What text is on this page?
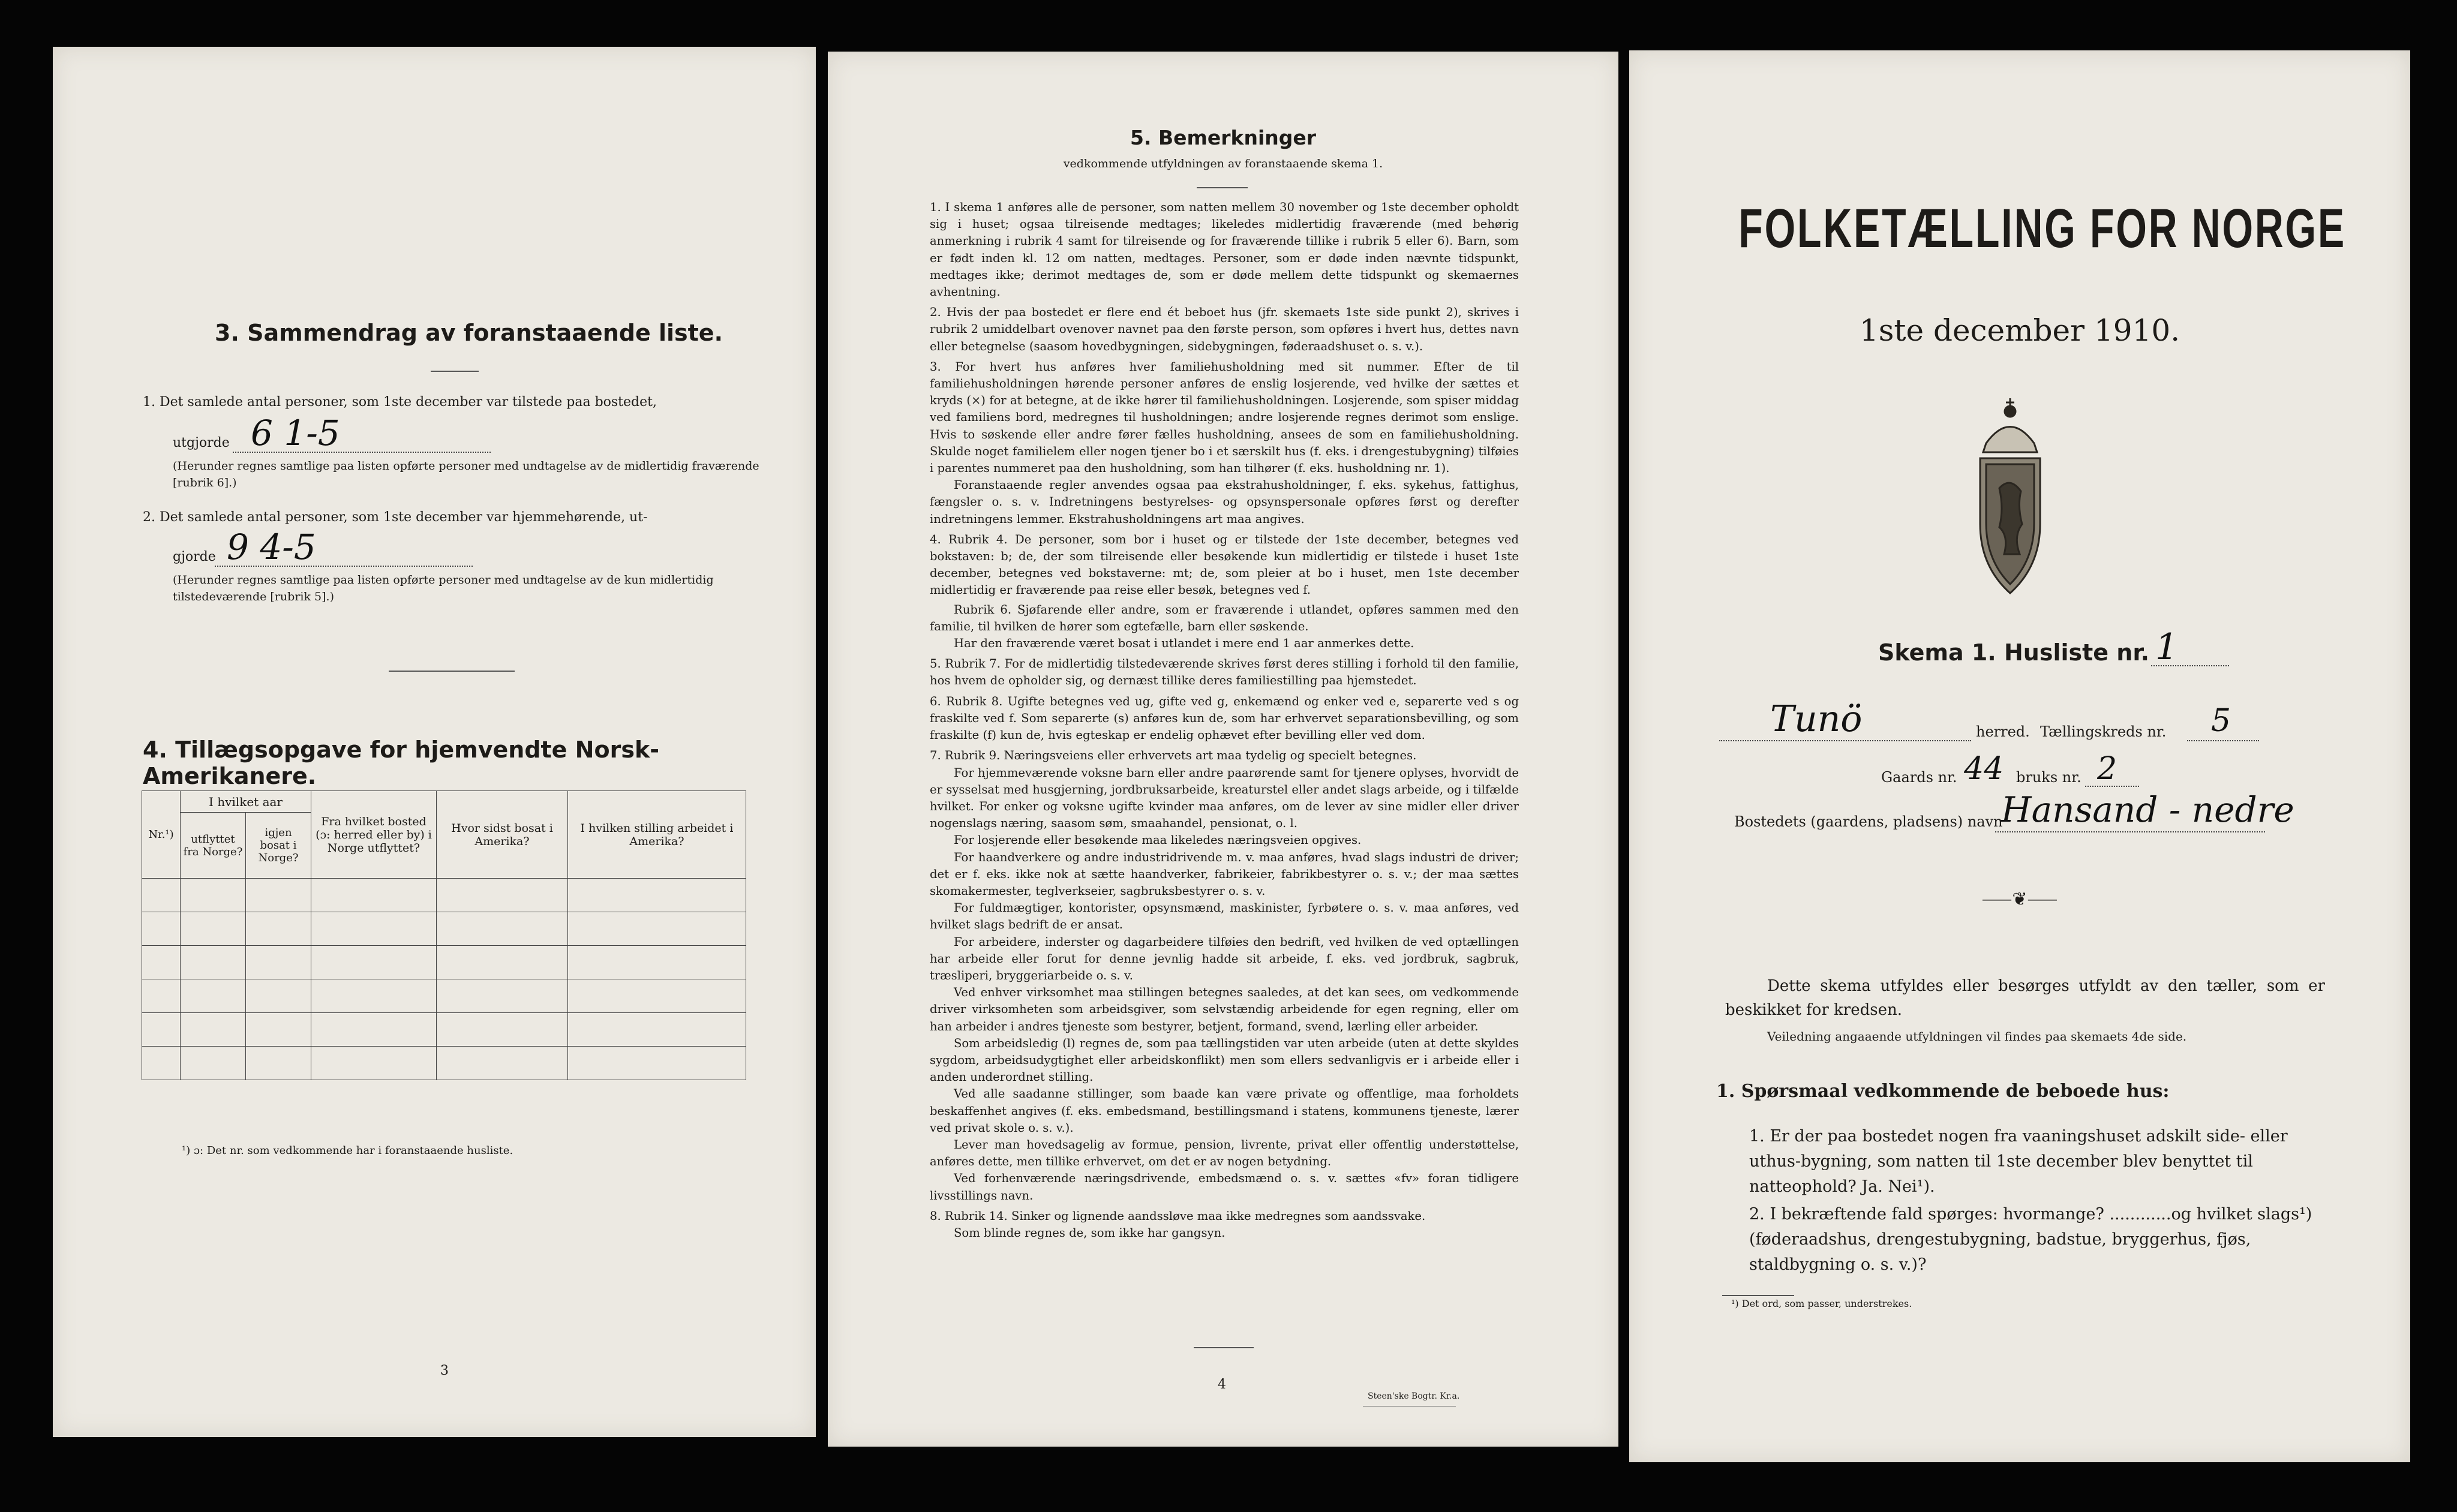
3. Sammendrag av foranstaaende liste.
1. Det samlede antal personer, som 1ste december var tilstede paa bostedet,
utgjorde 6 1-5
(Herunder regnes samtlige paa listen opførte personer med undtagelse av de midlertidig fraværende [rubrik 6].)
2. Det samlede antal personer, som 1ste december var hjemmehørende, ut-
gjorde 9 4-5
(Herunder regnes samtlige paa listen opførte personer med undtagelse av de kun midlertidig tilstedeværende [rubrik 5].)
4. Tillægsopgave for hjemvendte Norsk-Amerikanere.
Nr.¹)	I hvilket aar		Fra hvilket bosted (ɔ: herred eller by) i Norge utflyttet?	Hvor sidst bosat i Amerika?	I hvilken stilling arbeidet i Amerika?
	utflyttet fra Norge?	igjen bosat i Norge?			

¹) ɔ: Det nr. som vedkommende har i foranstaaende husliste.
3
5. Bemerkninger
vedkommende utfyldningen av foranstaaende skema 1.

1. I skema 1 anføres alle de personer, som natten mellem 30 november og 1ste december opholdt sig i huset; ogsaa tilreisende medtages; likeledes midlertidig fraværende (med behørig anmerkning i rubrik 4 samt for tilreisende og for fraværende tillike i rubrik 5 eller 6). Barn, som er født inden kl. 12 om natten, medtages. Personer, som er døde inden nævnte tidspunkt, medtages ikke; derimot medtages de, som er døde mellem dette tidspunkt og skemaernes avhentning.

2. Hvis der paa bostedet er flere end ét beboet hus (jfr. skemaets 1ste side punkt 2), skrives i rubrik 2 umiddelbart ovenover navnet paa den første person, som opføres i hvert hus, dettes navn eller betegnelse (saasom hovedbygningen, sidebygningen, føderaadshuset o. s. v.).

3. For hvert hus anføres hver familiehusholdning med sit nummer. Efter de til familiehusholdningen hørende personer anføres de enslig losjerende, ved hvilke der sættes et kryds (×) for at betegne, at de ikke hører til familiehusholdningen. Losjerende, som spiser middag ved familiens bord, medregnes til husholdningen; andre losjerende regnes derimot som enslige. Hvis to søskende eller andre fører fælles husholdning, ansees de som en familiehusholdning. Skulde noget familielem eller nogen tjener bo i et særskilt hus (f. eks. i drengestubygning) tilføies i parentes nummeret paa den husholdning, som han tilhører (f. eks. husholdning nr. 1).

Foranstaaende regler anvendes ogsaa paa ekstrahusholdninger, f. eks. sykehus, fattighus, fængsler o. s. v. Indretningens bestyrelses- og opsynspersonale opføres først og derefter indretningens lemmer. Ekstrahusholdningens art maa angives.

4. Rubrik 4. De personer, som bor i huset og er tilstede der 1ste december, betegnes ved bokstaven: b; de, der som tilreisende eller besøkende kun midlertidig er tilstede i huset 1ste december, betegnes ved bokstaverne: mt; de, som pleier at bo i huset, men 1ste december midlertidig er fraværende paa reise eller besøk, betegnes ved f.

Rubrik 6. Sjøfarende eller andre, som er fraværende i utlandet, opføres sammen med den familie, til hvilken de hører som egtefælle, barn eller søskende.

Har den fraværende været bosat i utlandet i mere end 1 aar anmerkes dette.

5. Rubrik 7. For de midlertidig tilstedeværende skrives først deres stilling i forhold til den familie, hos hvem de opholder sig, og dernæst tillike deres familiestilling paa hjemstedet.

6. Rubrik 8. Ugifte betegnes ved ug, gifte ved g, enkemænd og enker ved e, separerte ved s og fraskilte ved f. Som separerte (s) anføres kun de, som har erhvervet separationsbevilling, og som fraskilte (f) kun de, hvis egteskap er endelig ophævet efter bevilling eller ved dom.

7. Rubrik 9. Næringsveiens eller erhvervets art maa tydelig og specielt betegnes.

For hjemmeværende voksne barn eller andre paarørende samt for tjenere oplyses, hvorvidt de er sysselsat med husgjerning, jordbruksarbeide, kreaturstel eller andet slags arbeide, og i tilfælde hvilket. For enker og voksne ugifte kvinder maa anføres, om de lever av sine midler eller driver nogenslags næring, saasom søm, smaahandel, pensionat, o. l.

For losjerende eller besøkende maa likeledes næringsveien opgives.

For haandverkere og andre industridrivende m. v. maa anføres, hvad slags industri de driver; det er f. eks. ikke nok at sætte haandverker, fabrikeier, fabrikbestyrer o. s. v.; der maa sættes skomakermester, teglverkseier, sagbruksbestyrer o. s. v.

For fuldmægtiger, kontorister, opsynsmænd, maskinister, fyrbøtere o. s. v. maa anføres, ved hvilket slags bedrift de er ansat.

For arbeidere, inderster og dagarbeidere tilføies den bedrift, ved hvilken de ved optællingen har arbeide eller forut for denne jevnlig hadde sit arbeide, f. eks. ved jordbruk, sagbruk, træsliperi, bryggeriarbeide o. s. v.

Ved enhver virksomhet maa stillingen betegnes saaledes, at det kan sees, om vedkommende driver virksomheten som arbeidsgiver, som selvstændig arbeidende for egen regning, eller om han arbeider i andres tjeneste som bestyrer, betjent, formand, svend, lærling eller arbeider.

Som arbeidsledig (l) regnes de, som paa tællingstiden var uten arbeide (uten at dette skyldes sygdom, arbeidsudygtighet eller arbeidskonflikt) men som ellers sedvanligvis er i arbeide eller i anden underordnet stilling.

Ved alle saadanne stillinger, som baade kan være private og offentlige, maa forholdets beskaffenhet angives (f. eks. embedsmand, bestillingsmand i statens, kommunens tjeneste, lærer ved privat skole o. s. v.).

Lever man hovedsagelig av formue, pension, livrente, privat eller offentlig understøttelse, anføres dette, men tillike erhvervet, om det er av nogen betydning.

Ved forhenværende næringsdrivende, embedsmænd o. s. v. sættes «fv» foran tidligere livsstillings navn.

8. Rubrik 14. Sinker og lignende aandssløve maa ikke medregnes som aandssvake.

Som blinde regnes de, som ikke har gangsyn.

4
Steen'ske Bogtr. Kr.a.
FOLKETÆLLING FOR NORGE
1ste december 1910.
Skema 1. Husliste nr. 1
Tunö	herred. Tællingskreds nr. 5
Gaards nr. 44 bruks nr. 2
Bostedets (gaardens, pladsens) navn
Hansand - nedre
⸺❦⸺
Dette skema utfyldes eller besørges utfyldt av den tæller, som er beskikket for kredsen.
Veiledning angaaende utfyldningen vil findes paa skemaets 4de side.
1. Spørsmaal vedkommende de beboede hus:
1. Er der paa bostedet nogen fra vaaningshuset adskilt side- eller uthus-bygning, som natten til 1ste december blev benyttet til natteophold? Ja. Nei¹).
2. I bekræftende fald spørges: hvormange? ............og hvilket slags¹) (føderaadshus, drengestubygning, badstue, bryggerhus, fjøs, staldbygning o. s. v.)?
¹) Det ord, som passer, understrekes.
